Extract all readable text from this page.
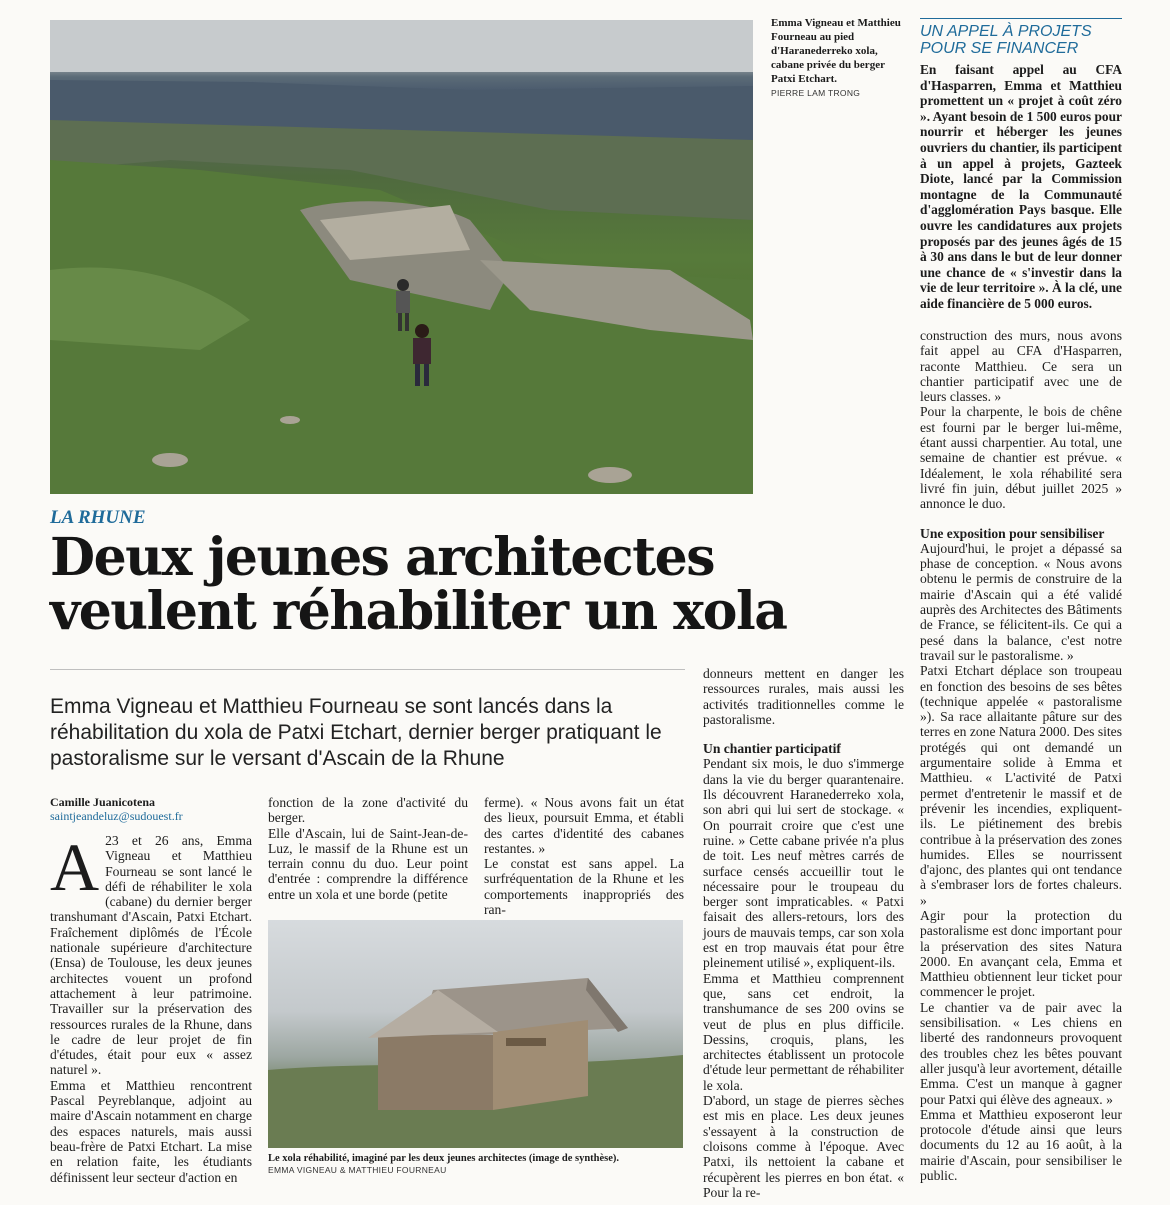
Emma Vigneau et Matthieu Fourneau au pied d'Haranederreko xola, cabane privée du berger Patxi Etchart.
PIERRE LAM TRONG
UN APPEL À PROJETS POUR SE FINANCER
En faisant appel au CFA d'Hasparren, Emma et Matthieu promettent un « projet à coût zéro ». Ayant besoin de 1 500 euros pour nourrir et héberger les jeunes ouvriers du chantier, ils participent à un appel à projets, Gazteek Diote, lancé par la Commission montagne de la Communauté d'agglomération Pays basque. Elle ouvre les candidatures aux projets proposés par des jeunes âgés de 15 à 30 ans dans le but de leur donner une chance de « s'investir dans la vie de leur territoire ». À la clé, une aide financière de 5 000 euros.
LA RHUNE
Deux jeunes architectes veulent réhabiliter un xola
Emma Vigneau et Matthieu Fourneau se sont lancés dans la réhabilitation du xola de Patxi Etchart, dernier berger pratiquant le pastoralisme sur le versant d'Ascain de la Rhune
Camille Juanicotena
saintjeandeluz@sudouest.fr

A 23 et 26 ans, Emma Vigneau et Matthieu Fourneau se sont lancé le défi de réhabiliter le xola (cabane) du dernier berger transhumant d'Ascain, Patxi Etchart. Fraîchement diplômés de l'École nationale supérieure d'architecture (Ensa) de Toulouse, les deux jeunes architectes vouent un profond attachement à leur patrimoine. Travailler sur la préservation des ressources rurales de la Rhune, dans le cadre de leur projet de fin d'études, était pour eux « assez naturel ».

Emma et Matthieu rencontrent Pascal Peyreblanque, adjoint au maire d'Ascain notamment en charge des espaces naturels, mais aussi beau-frère de Patxi Etchart. La mise en relation faite, les étudiants définissent leur secteur d'action en

fonction de la zone d'activité du berger.

Elle d'Ascain, lui de Saint-Jean-de-Luz, le massif de la Rhune est un terrain connu du duo. Leur point d'entrée : comprendre la différence entre un xola et une borde (petite

ferme). « Nous avons fait un état des lieux, poursuit Emma, et établi des cartes d'identité des cabanes restantes. »

Le constat est sans appel. La surfréquentation de la Rhune et les comportements inappropriés des ran-

Le xola réhabilité, imaginé par les deux jeunes architectes (image de synthèse).
EMMA VIGNEAU & MATTHIEU FOURNEAU

donneurs mettent en danger les ressources rurales, mais aussi les activités traditionnelles comme le pastoralisme.

Un chantier participatif

Pendant six mois, le duo s'immerge dans la vie du berger quarantenaire. Ils découvrent Haranederreko xola, son abri qui lui sert de stockage. « On pourrait croire que c'est une ruine. » Cette cabane privée n'a plus de toit. Les neuf mètres carrés de surface censés accueillir tout le nécessaire pour le troupeau du berger sont impraticables. « Patxi faisait des allers-retours, lors des jours de mauvais temps, car son xola est en trop mauvais état pour être pleinement utilisé », expliquent-ils.

Emma et Matthieu comprennent que, sans cet endroit, la transhumance de ses 200 ovins se veut de plus en plus difficile. Dessins, croquis, plans, les architectes établissent un protocole d'étude leur permettant de réhabiliter le xola.

D'abord, un stage de pierres sèches est mis en place. Les deux jeunes s'essayent à la construction de cloisons comme à l'époque. Avec Patxi, ils nettoient la cabane et récupèrent les pierres en bon état. « Pour la re-

construction des murs, nous avons fait appel au CFA d'Hasparren, raconte Matthieu. Ce sera un chantier participatif avec une de leurs classes. »

Pour la charpente, le bois de chêne est fourni par le berger lui-même, étant aussi charpentier. Au total, une semaine de chantier est prévue. « Idéalement, le xola réhabilité sera livré fin juin, début juillet 2025 » annonce le duo.

Une exposition pour sensibiliser

Aujourd'hui, le projet a dépassé sa phase de conception. « Nous avons obtenu le permis de construire de la mairie d'Ascain qui a été validé auprès des Architectes des Bâtiments de France, se félicitent-ils. Ce qui a pesé dans la balance, c'est notre travail sur le pastoralisme. »

Patxi Etchart déplace son troupeau en fonction des besoins de ses bêtes (technique appelée « pastoralisme »). Sa race allaitante pâture sur des terres en zone Natura 2000. Des sites protégés qui ont demandé un argumentaire solide à Emma et Matthieu. « L'activité de Patxi permet d'entretenir le massif et de prévenir les incendies, expliquent-ils. Le piétinement des brebis contribue à la préservation des zones humides. Elles se nourrissent d'ajonc, des plantes qui ont tendance à s'embraser lors de fortes chaleurs. »

Agir pour la protection du pastoralisme est donc important pour la préservation des sites Natura 2000. En avançant cela, Emma et Matthieu obtiennent leur ticket pour commencer le projet.

Le chantier va de pair avec la sensibilisation. « Les chiens en liberté des randonneurs provoquent des troubles chez les bêtes pouvant aller jusqu'à leur avortement, détaille Emma. C'est un manque à gagner pour Patxi qui élève des agneaux. »

Emma et Matthieu exposeront leur protocole d'étude ainsi que leurs documents du 12 au 16 août, à la mairie d'Ascain, pour sensibiliser le public.
